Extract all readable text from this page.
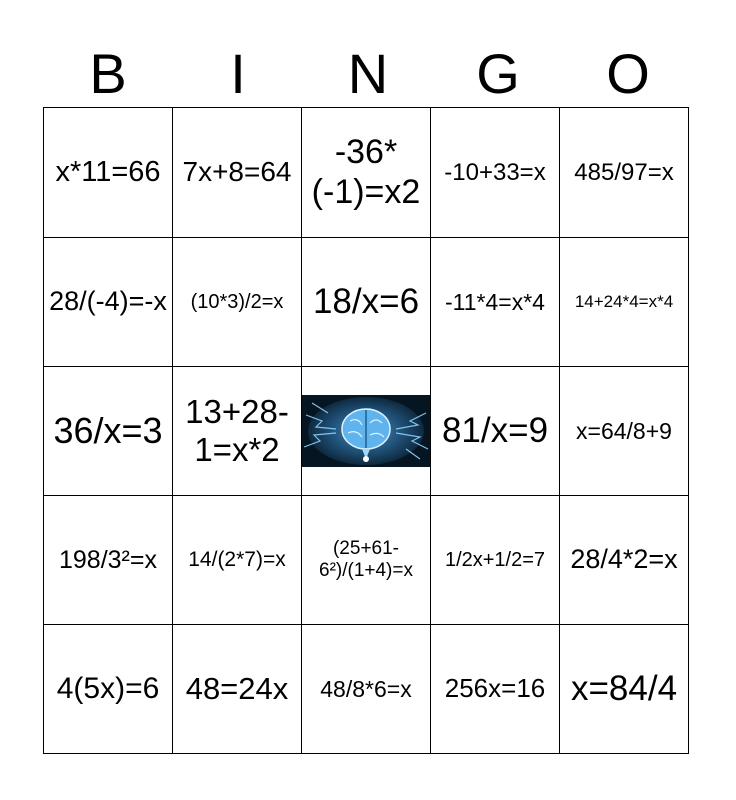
B	I	N	G	O
x*11=66	7x+8=64	-36*(-1)=x2	-10+33=x	485/97=x
28/(-4)=-x	(10*3)/2=x	18/x=6	-11*4=x*4	14+24*4=x*4
36/x=3	13+28-1=x*2		81/x=9	x=64/8+9
198/3²=x	14/(2*7)=x	(25+61-6²)/(1+4)=x	1/2x+1/2=7	28/4*2=x
4(5x)=6	48=24x	48/8*6=x	256x=16	x=84/4
